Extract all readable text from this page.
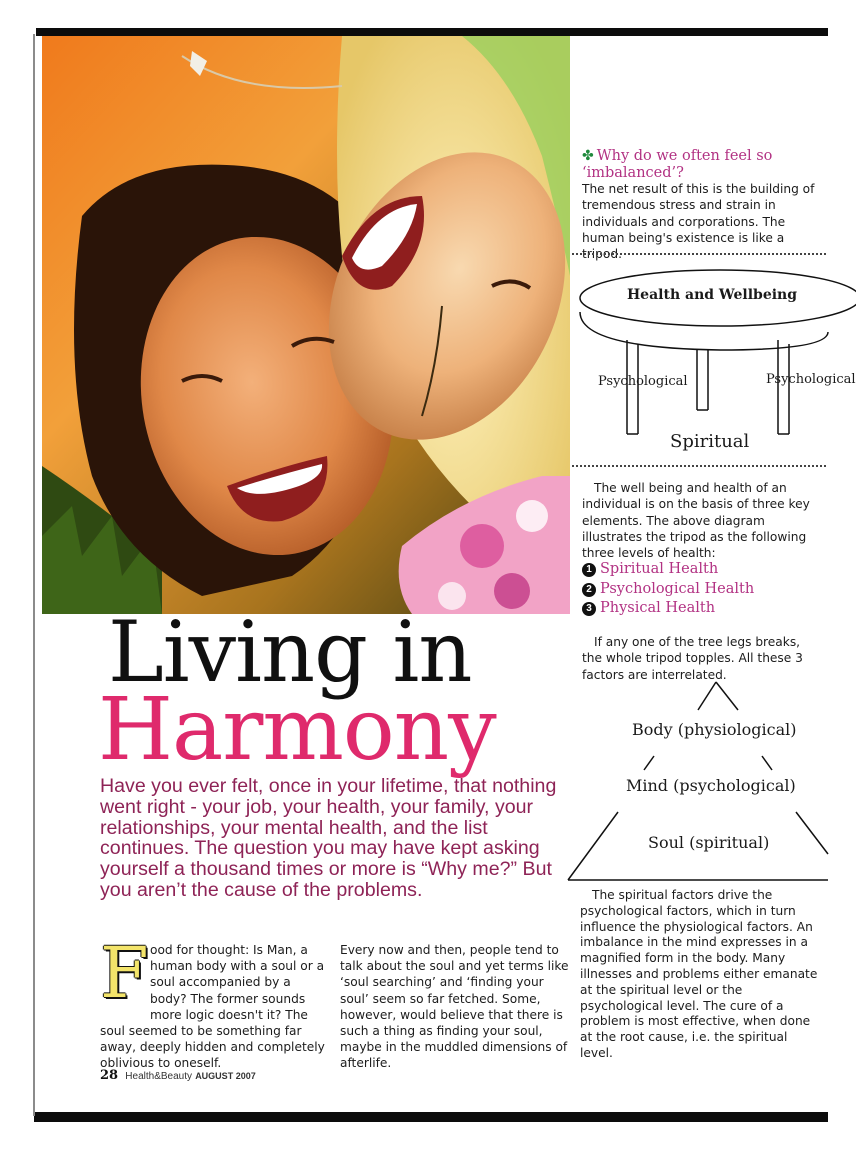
✤ Why do we often feel so ‘imbalanced’?
The net result of this is the building of tremendous stress and strain in individuals and corporations. The human being's existence is like a tripod.
Health and Wellbeing
Psychological	Psychological
Spiritual
The well being and health of an individual is on the basis of three key elements. The above diagram illustrates the tripod as the following three levels of health:
1 Spiritual Health
2 Psychological Health
3 Physical Health
If any one of the tree legs breaks, the whole tripod topples. All these 3 factors are interrelated.
Body (physiological)
Mind (psychological)
Soul (spiritual)
The spiritual factors drive the psychological factors, which in turn influence the physiological factors. An imbalance in the mind expresses in a magnified form in the body. Many illnesses and problems either emanate at the spiritual level or the psychological level. The cure of a problem is most effective, when done at the root cause, i.e. the spiritual level.
Living in
Harmony
Have you ever felt, once in your lifetime, that nothing went right - your job, your health, your family, your relationships, your mental health, and the list continues. The question you may have kept asking yourself a thousand times or more is “Why me?” But you aren’t the cause of the problems.
Food for thought: Is Man, a human body with a soul or a soul accompanied by a body? The former sounds more logic doesn't it? The soul seemed to be something far away, deeply hidden and completely oblivious to oneself.
Every now and then, people tend to talk about the soul and yet terms like ‘soul searching’ and ‘finding your soul’ seem so far fetched. Some, however, would believe that there is such a thing as finding your soul, maybe in the muddled dimensions of afterlife.
28 Health&Beauty AUGUST 2007
